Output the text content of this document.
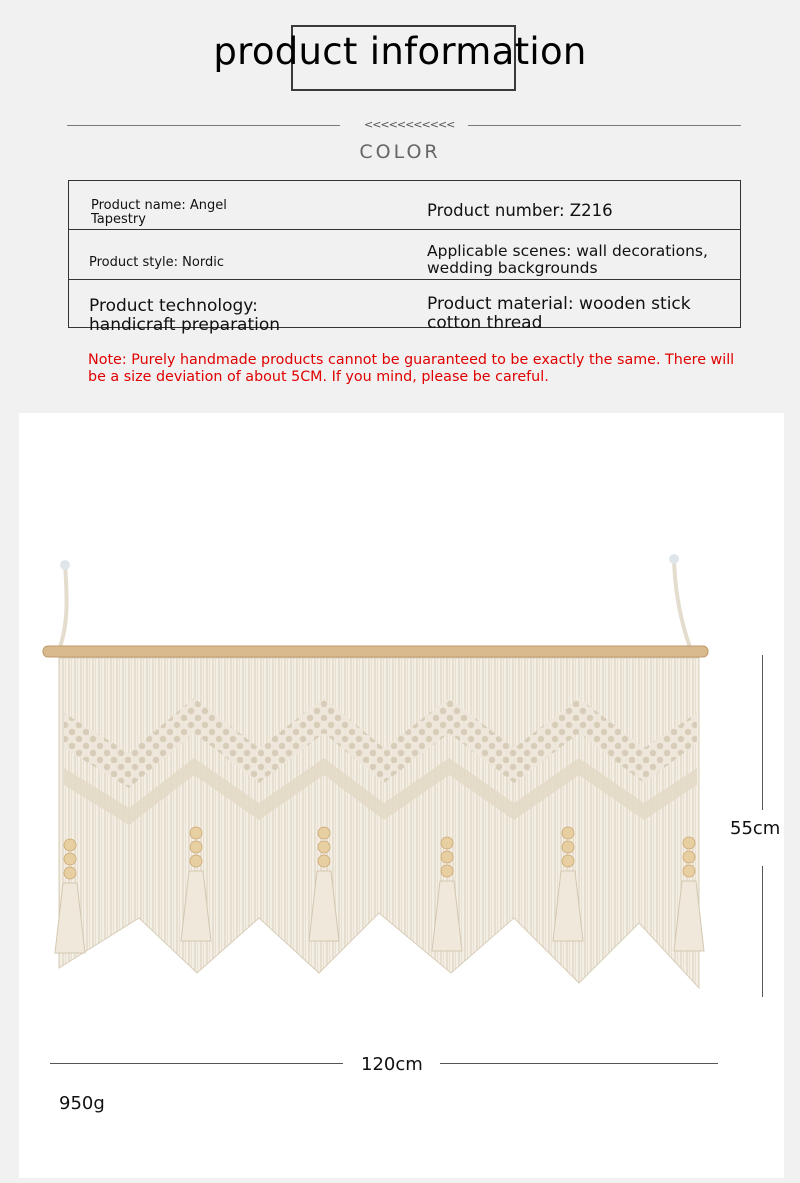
product information
<<<<<<<<<<<
COLOR
Product name: Angel Tapestry	Product number: Z216
Product style: Nordic
Applicable scenes: wall decorations, wedding backgrounds
Product technology: handicraft preparation
Product material: wooden stick cotton thread
Note: Purely handmade products cannot be guaranteed to be exactly the same. There will be a size deviation of about 5CM. If you mind, please be careful.
55cm
120cm
950g
